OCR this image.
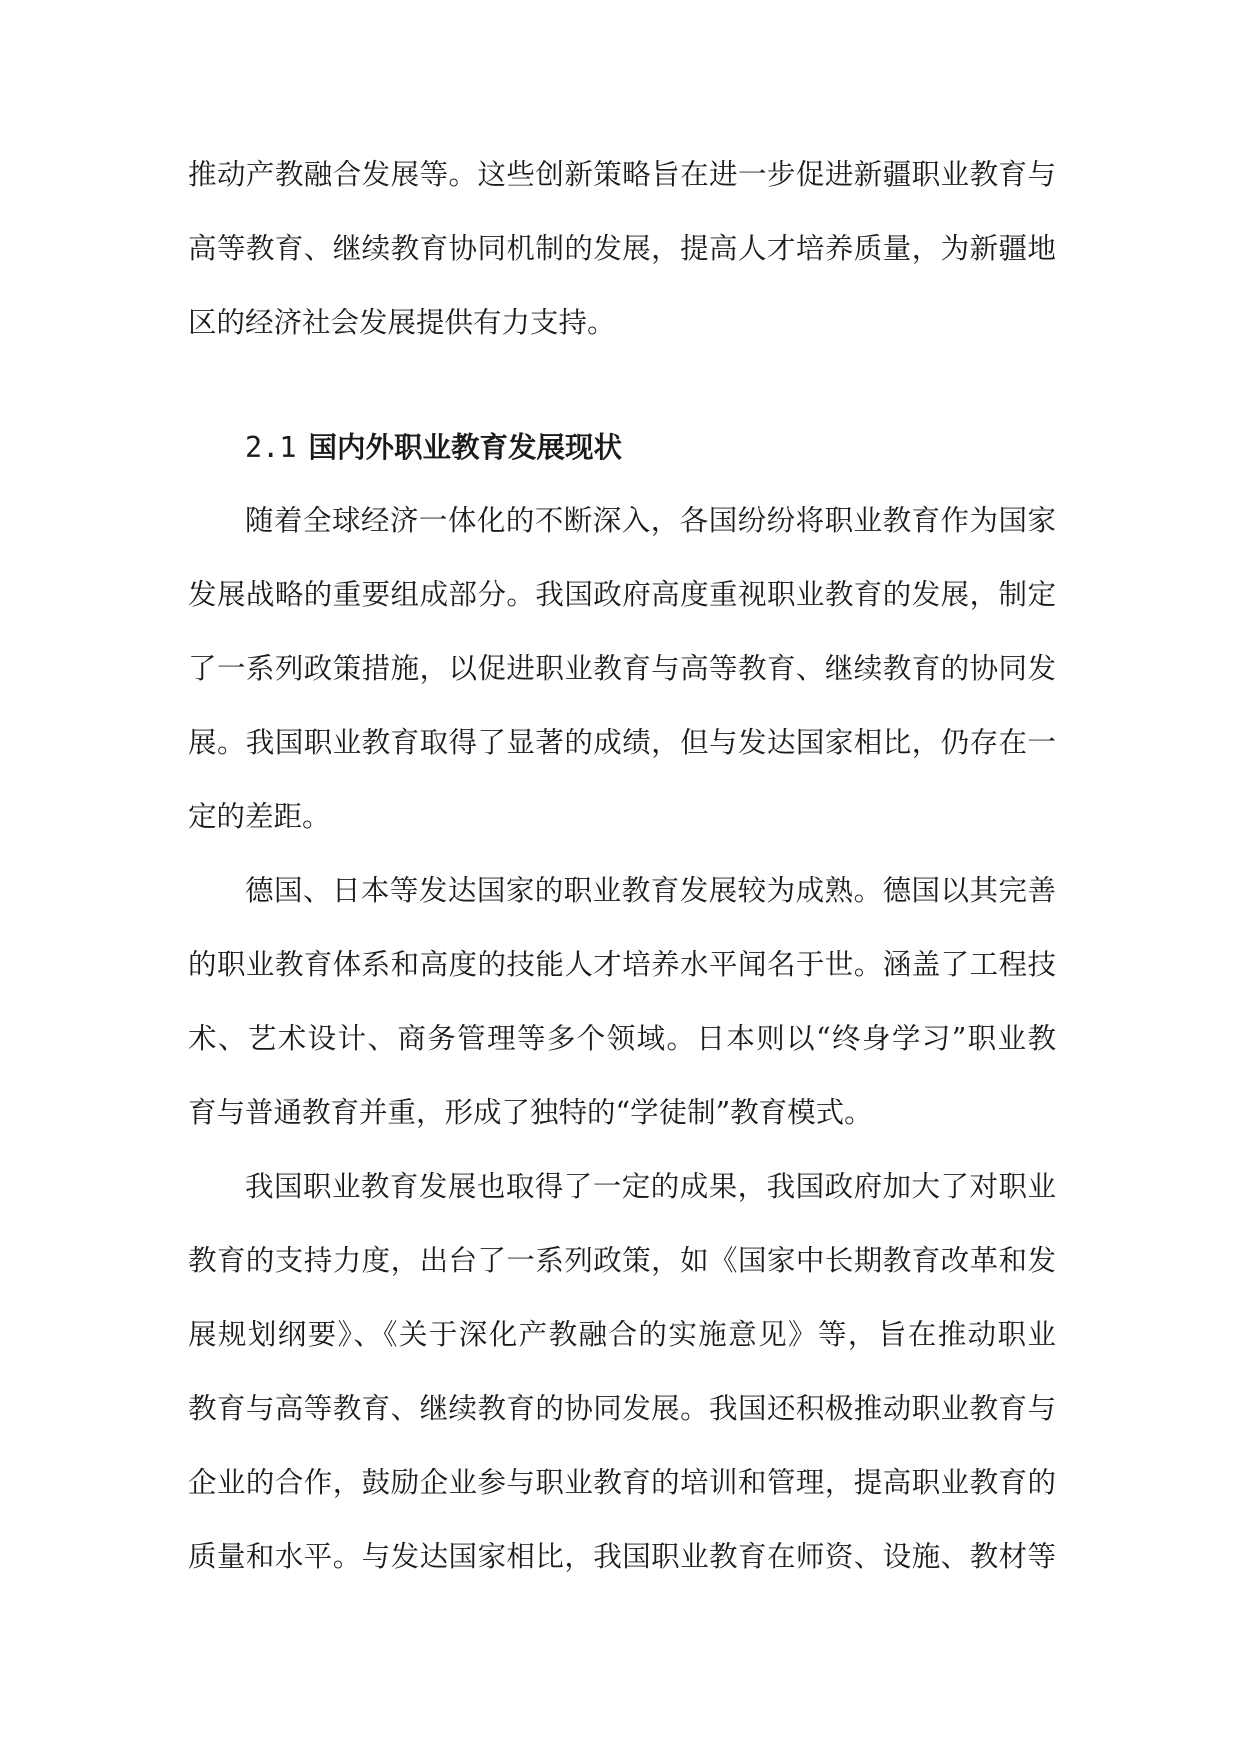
推动产教融合发展等。这些创新策略旨在进一步促进新疆职业教育与
高等教育、继续教育协同机制的发展，提高人才培养质量，为新疆地
区的经济社会发展提供有力支持。
2.1 国内外职业教育发展现状
随着全球经济一体化的不断深入，各国纷纷将职业教育作为国家
发展战略的重要组成部分。我国政府高度重视职业教育的发展，制定
了一系列政策措施，以促进职业教育与高等教育、继续教育的协同发
展。我国职业教育取得了显著的成绩，但与发达国家相比，仍存在一
定的差距。
德国、日本等发达国家的职业教育发展较为成熟。德国以其完善
的职业教育体系和高度的技能人才培养水平闻名于世。涵盖了工程技
术、艺术设计、商务管理等多个领域。日本则以“终身学习”职业教
育与普通教育并重，形成了独特的“学徒制”教育模式。
我国职业教育发展也取得了一定的成果，我国政府加大了对职业
教育的支持力度，出台了一系列政策，如《国家中长期教育改革和发
展规划纲要》、《关于深化产教融合的实施意见》等，旨在推动职业
教育与高等教育、继续教育的协同发展。我国还积极推动职业教育与
企业的合作，鼓励企业参与职业教育的培训和管理，提高职业教育的
质量和水平。与发达国家相比，我国职业教育在师资、设施、教材等
